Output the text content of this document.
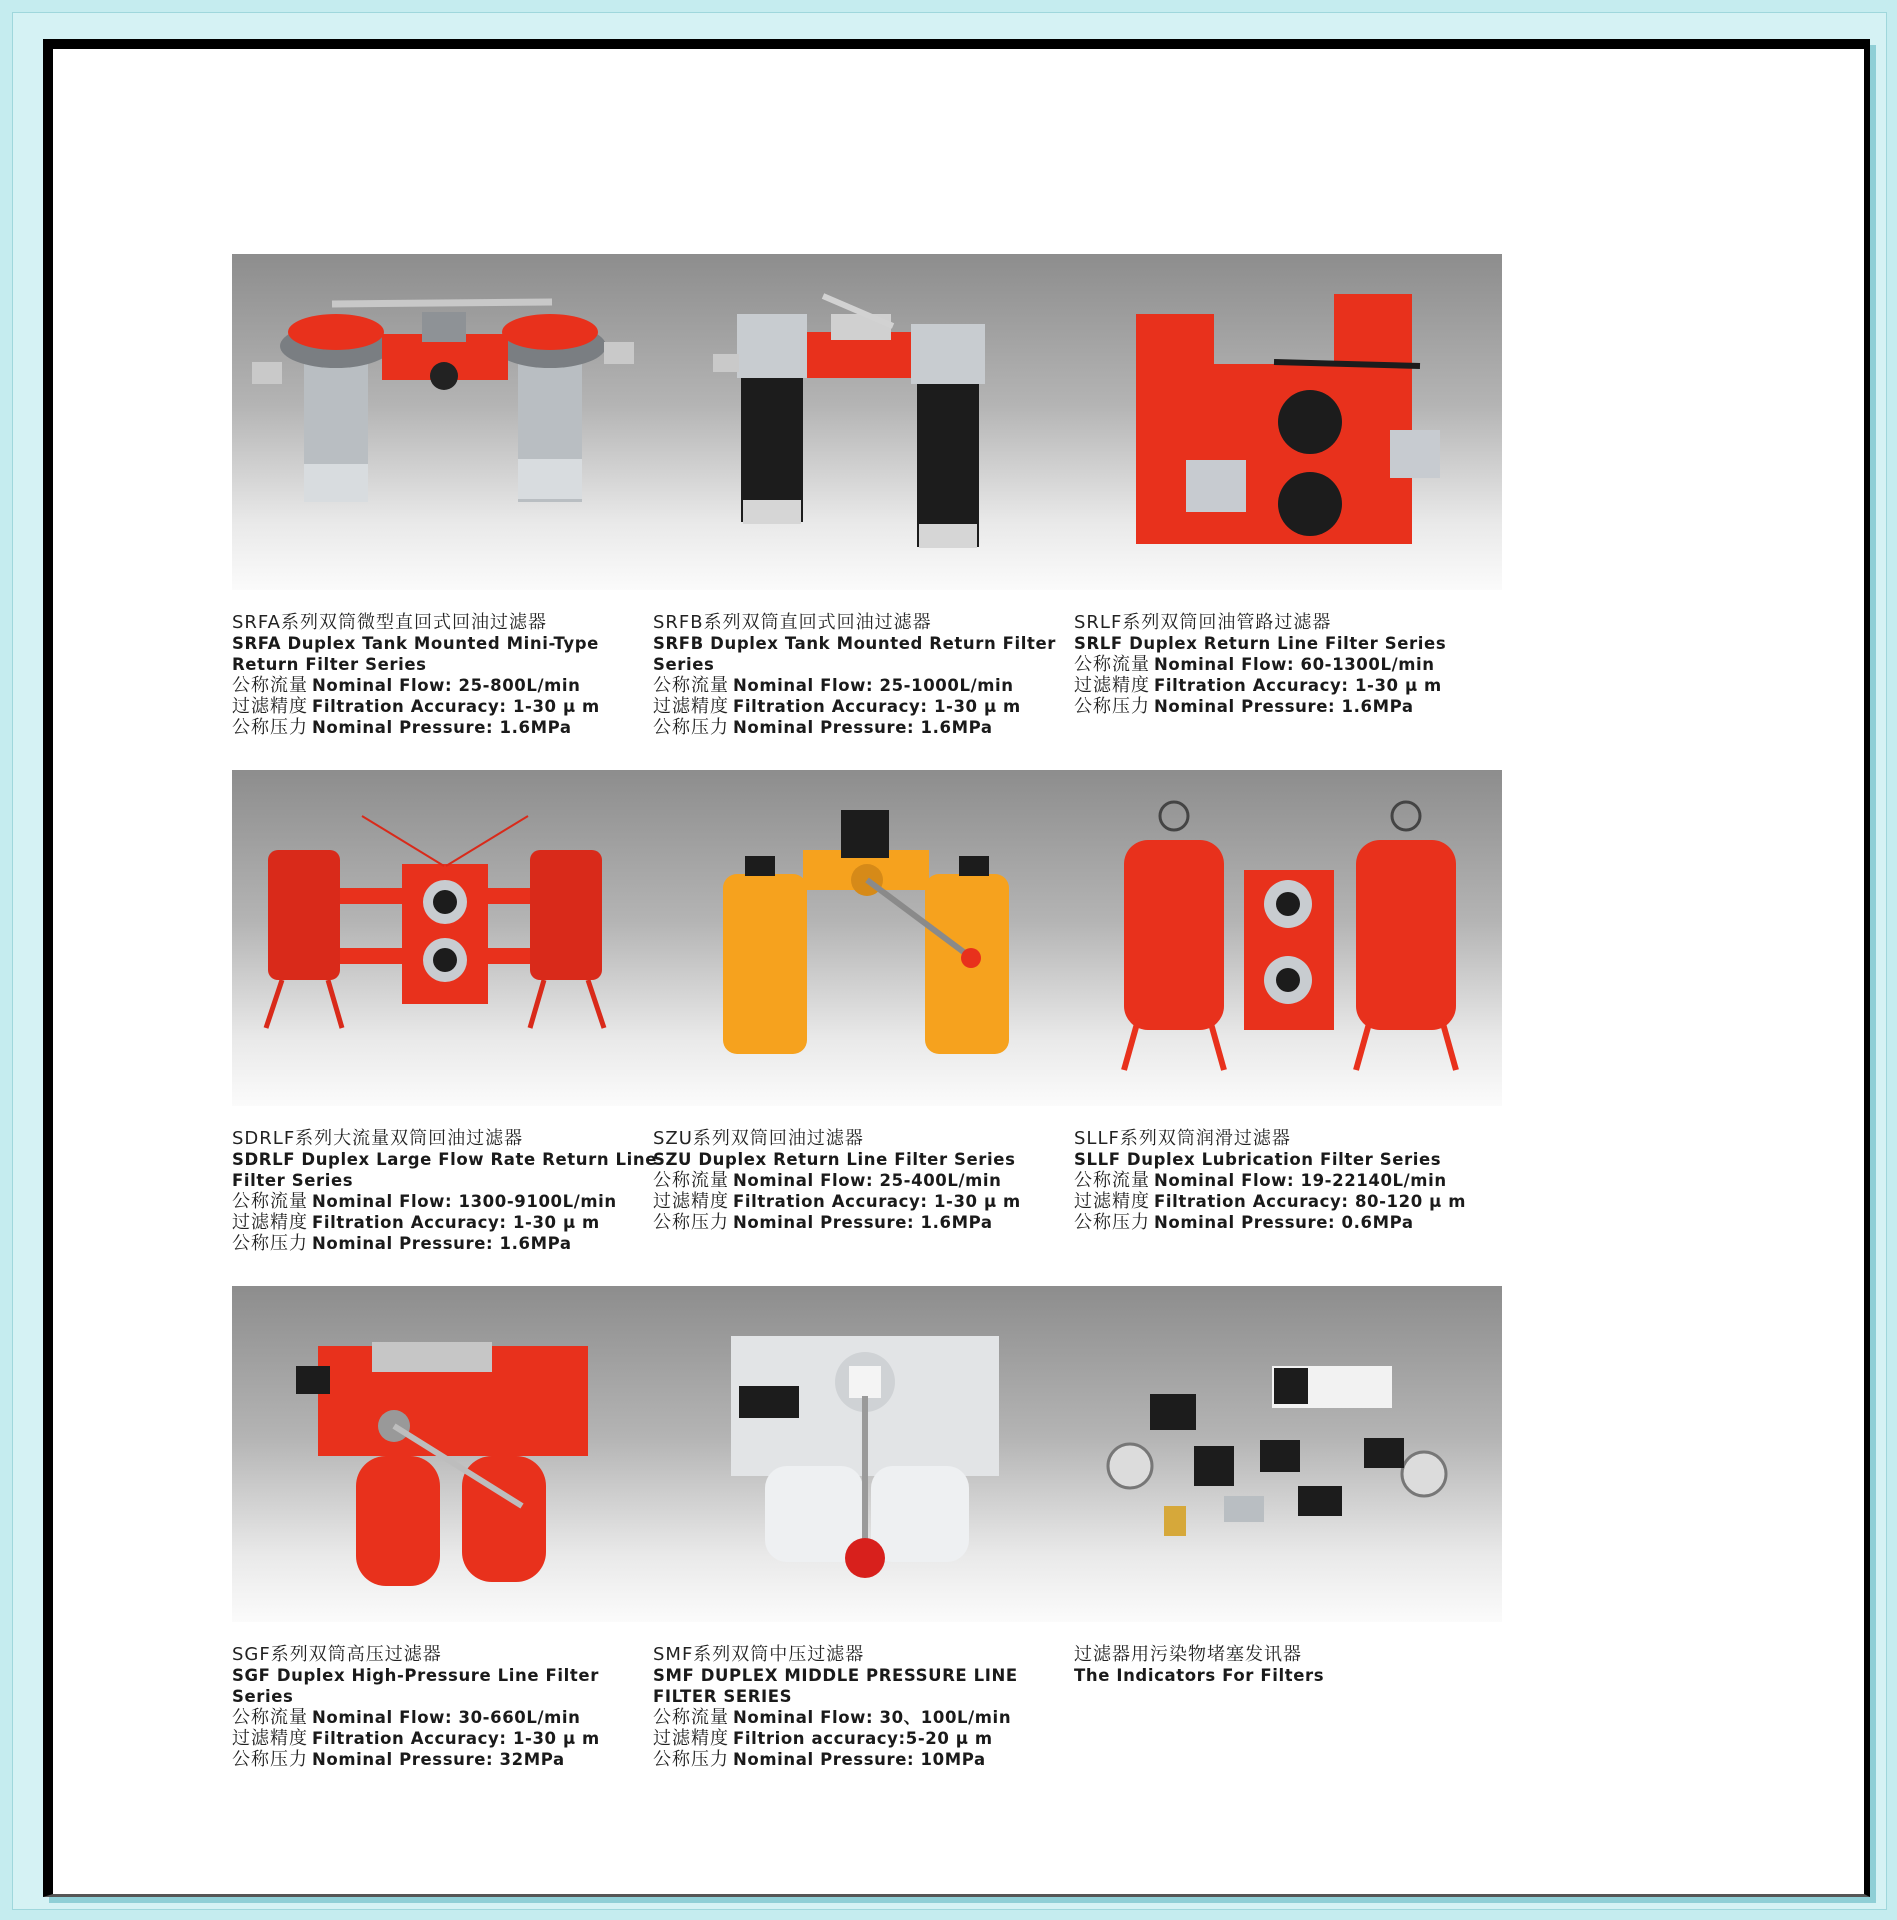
SRFA系列双筒微型直回式回油过滤器
SRFA Duplex Tank Mounted Mini-Type Return Filter Series
公称流量 Nominal Flow: 25-800L/min
过滤精度 Filtration Accuracy: 1-30 μ m
公称压力 Nominal Pressure: 1.6MPa
SRFB系列双筒直回式回油过滤器
SRFB Duplex Tank Mounted Return Filter Series
公称流量 Nominal Flow: 25-1000L/min
过滤精度 Filtration Accuracy: 1-30 μ m
公称压力 Nominal Pressure: 1.6MPa
SRLF系列双筒回油管路过滤器
SRLF Duplex Return Line Filter Series
公称流量 Nominal Flow: 60-1300L/min
过滤精度 Filtration Accuracy: 1-30 μ m
公称压力 Nominal Pressure: 1.6MPa
SDRLF系列大流量双筒回油过滤器
SDRLF Duplex Large Flow Rate Return Line Filter Series
公称流量 Nominal Flow: 1300-9100L/min
过滤精度 Filtration Accuracy: 1-30 μ m
公称压力 Nominal Pressure: 1.6MPa
SZU系列双筒回油过滤器
SZU Duplex Return Line Filter Series
公称流量 Nominal Flow: 25-400L/min
过滤精度 Filtration Accuracy: 1-30 μ m
公称压力 Nominal Pressure: 1.6MPa
SLLF系列双筒润滑过滤器
SLLF Duplex Lubrication Filter Series
公称流量 Nominal Flow: 19-22140L/min
过滤精度 Filtration Accuracy: 80-120 μ m
公称压力 Nominal Pressure: 0.6MPa
SGF系列双筒高压过滤器
SGF Duplex High-Pressure Line Filter Series
公称流量 Nominal Flow: 30-660L/min
过滤精度 Filtration Accuracy: 1-30 μ m
公称压力 Nominal Pressure: 32MPa
SMF系列双筒中压过滤器
SMF DUPLEX MIDDLE PRESSURE LINE FILTER SERIES
公称流量 Nominal Flow: 30、100L/min
过滤精度 Filtrion accuracy:5-20 μ m
公称压力 Nominal Pressure: 10MPa
过滤器用污染物堵塞发讯器
The Indicators For Filters
